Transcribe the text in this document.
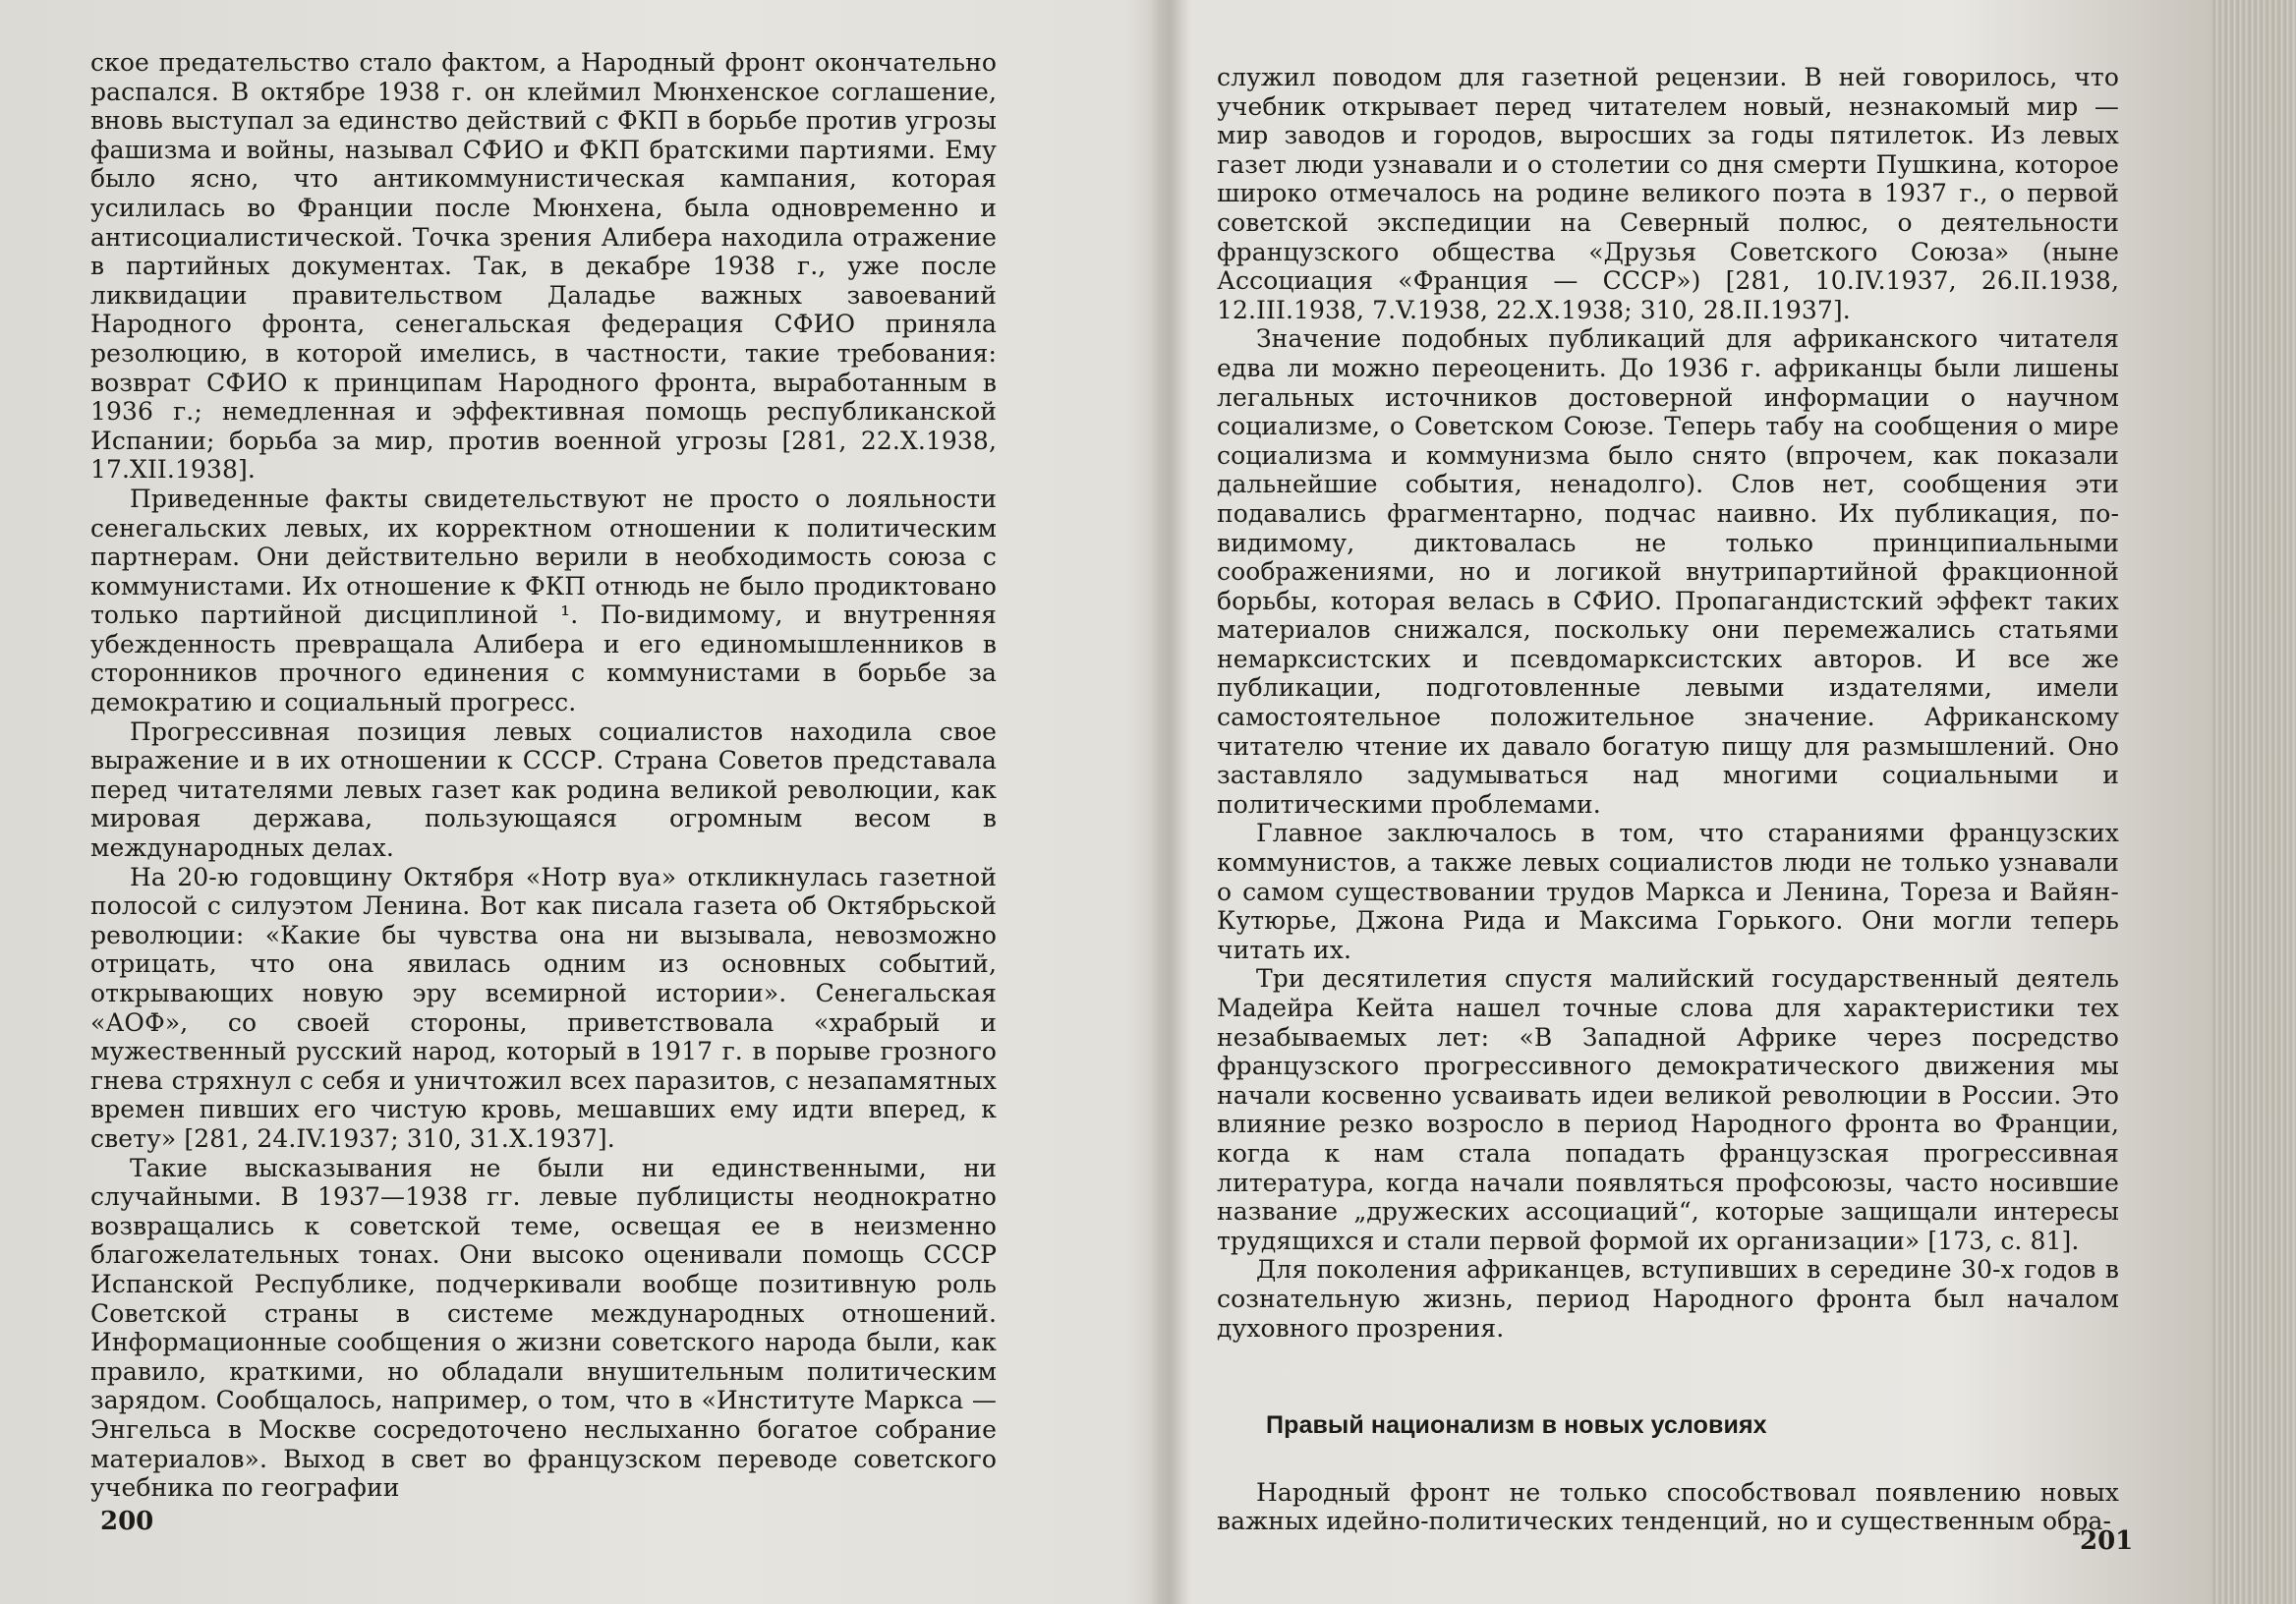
ское предательство стало фактом, а Народный фронт окончательно распался. В октябре 1938 г. он клеймил Мюнхенское соглашение, вновь выступал за единство действий с ФКП в борьбе против угрозы фашизма и войны, называл СФИО и ФКП братскими партиями. Ему было ясно, что антикоммунистическая кампания, которая усилилась во Франции после Мюнхена, была одновременно и антисоциалистической. Точка зрения Алибера находила отражение в партийных документах. Так, в декабре 1938 г., уже после ликвидации правительством Даладье важных завоеваний Народного фронта, сенегальская федерация СФИО приняла резолюцию, в которой имелись, в частности, такие требования: возврат СФИО к принципам Народного фронта, выработанным в 1936 г.; немедленная и эффективная помощь республиканской Испании; борьба за мир, против военной угрозы [281, 22.X.1938, 17.XII.1938].

Приведенные факты свидетельствуют не просто о лояльности сенегальских левых, их корректном отношении к политическим партнерам. Они действительно верили в необходимость союза с коммунистами. Их отношение к ФКП отнюдь не было продиктовано только партийной дисциплиной ¹. По-видимому, и внутренняя убежденность превращала Алибера и его единомышленников в сторонников прочного единения с коммунистами в борьбе за демократию и социальный прогресс.

Прогрессивная позиция левых социалистов находила свое выражение и в их отношении к СССР. Страна Советов представала перед читателями левых газет как родина великой революции, как мировая держава, пользующаяся огромным весом в международных делах.

На 20-ю годовщину Октября «Нотр вуа» откликнулась газетной полосой с силуэтом Ленина. Вот как писала газета об Октябрьской революции: «Какие бы чувства она ни вызывала, невозможно отрицать, что она явилась одним из основных событий, открывающих новую эру всемирной истории». Сенегальская «АОФ», со своей стороны, приветствовала «храбрый и мужественный русский народ, который в 1917 г. в порыве грозного гнева стряхнул с себя и уничтожил всех паразитов, с незапамятных времен пивших его чистую кровь, мешавших ему идти вперед, к свету» [281, 24.IV.1937; 310, 31.X.1937].

Такие высказывания не были ни единственными, ни случайными. В 1937—1938 гг. левые публицисты неоднократно возвращались к советской теме, освещая ее в неизменно благожелательных тонах. Они высоко оценивали помощь СССР Испанской Республике, подчеркивали вообще позитивную роль Советской страны в системе международных отношений. Информационные сообщения о жизни советского народа были, как правило, краткими, но обладали внушительным политическим зарядом. Сообщалось, например, о том, что в «Институте Маркса — Энгельса в Москве сосредоточено неслыханно богатое собрание материалов». Выход в свет во французском переводе советского учебника по географии

200

служил поводом для газетной рецензии. В ней говорилось, что учебник открывает перед читателем новый, незнакомый мир — мир заводов и городов, выросших за годы пятилеток. Из левых газет люди узнавали и о столетии со дня смерти Пушкина, которое широко отмечалось на родине великого поэта в 1937 г., о первой советской экспедиции на Северный полюс, о деятельности французского общества «Друзья Советского Союза» (ныне Ассоциация «Франция — СССР») [281, 10.IV.1937, 26.II.1938, 12.III.1938, 7.V.1938, 22.X.1938; 310, 28.II.1937].

Значение подобных публикаций для африканского читателя едва ли можно переоценить. До 1936 г. африканцы были лишены легальных источников достоверной информации о научном социализме, о Советском Союзе. Теперь табу на сообщения о мире социализма и коммунизма было снято (впрочем, как показали дальнейшие события, ненадолго). Слов нет, сообщения эти подавались фрагментарно, подчас наивно. Их публикация, по-видимому, диктовалась не только принципиальными соображениями, но и логикой внутрипартийной фракционной борьбы, которая велась в СФИО. Пропагандистский эффект таких материалов снижался, поскольку они перемежались статьями немарксистских и псевдомарксистских авторов. И все же публикации, подготовленные левыми издателями, имели самостоятельное положительное значение. Африканскому читателю чтение их давало богатую пищу для размышлений. Оно заставляло задумываться над многими социальными и политическими проблемами.

Главное заключалось в том, что стараниями французских коммунистов, а также левых социалистов люди не только узнавали о самом существовании трудов Маркса и Ленина, Тореза и Вайян-Кутюрье, Джона Рида и Максима Горького. Они могли теперь читать их.

Три десятилетия спустя малийский государственный деятель Мадейра Кейта нашел точные слова для характеристики тех незабываемых лет: «В Западной Африке через посредство французского прогрессивного демократического движения мы начали косвенно усваивать идеи великой революции в России. Это влияние резко возросло в период Народного фронта во Франции, когда к нам стала попадать французская прогрессивная литература, когда начали появляться профсоюзы, часто носившие название „дружеских ассоциаций“, которые защищали интересы трудящихся и стали первой формой их организации» [173, с. 81].

Для поколения африканцев, вступивших в середине 30-х годов в сознательную жизнь, период Народного фронта был началом духовного прозрения.

Правый национализм в новых условиях

Народный фронт не только способствовал появлению новых важных идейно-политических тенденций, но и существенным обра-

201
